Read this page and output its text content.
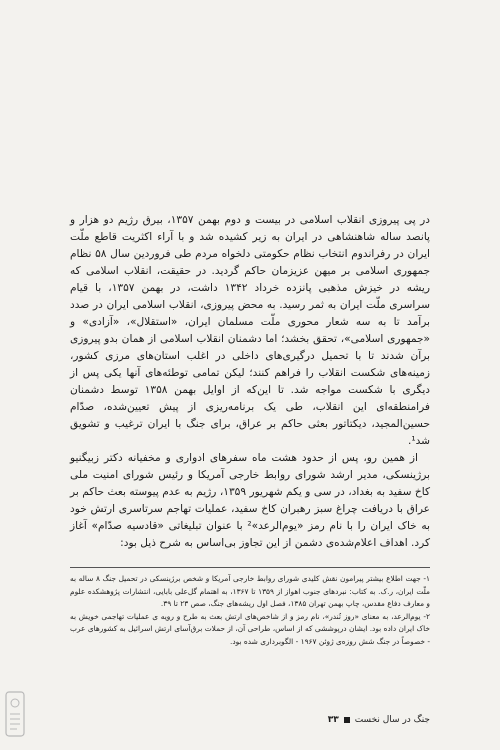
در پی پیروزی انقلاب اسلامی در بیست و دوم بهمن ۱۳۵۷، بیرق رژیم دو هزار و پانصد ساله شاهنشاهی در ایران به زیر کشیده شد و با آراء اکثریت قاطع ملّت ایران در رفراندوم انتخاب نظام حکومتی دلخواه مردم طی فروردین سال ۵۸ نظام جمهوری اسلامی بر میهن عزیزمان حاکم گردید. در حقیقت، انقلاب اسلامی که ریشه در خیزش مذهبی پانزده خرداد ۱۳۴۲ داشت، در بهمن ۱۳۵۷، با قیام سراسری ملّت ایران به ثمر رسید. به محض پیروزی، انقلاب اسلامی ایران در صدد برآمد تا به سه شعار محوری ملّت مسلمان ایران، «استقلال»، «آزادی» و «جمهوری اسلامی»، تحقق بخشد؛ اما دشمنان انقلاب اسلامی از همان بدو پیروزی برآن شدند تا با تحمیل درگیری‌های داخلی در اغلب استان‌های مرزی کشور، زمینه‌های شکست انقلاب را فراهم کنند؛ لیکن تمامی توطئه‌های آنها یکی پس از دیگری با شکست مواجه شد. تا این‌که از اوایل بهمن ۱۳۵۸ توسط دشمنان فرامنطقه‌ای این انقلاب، طی یک برنامه‌ریزی از پیش تعیین‌شده، صدّام حسین‌المجید، دیکتاتور بعثی حاکم بر عراق، برای جنگ با ایران ترغیب و تشویق شد¹.

از همین رو، پس از حدود هشت ماه سفرهای ادواری و مخفیانه دکتر زبیگنیو برژینسکی، مدیر ارشد شورای روابط خارجی آمریکا و رئیس شورای امنیت ملی کاخ سفید به بغداد، در سی و یکم شهریور ۱۳۵۹، رژیم به عدم پیوسته بعث حاکم بر عراق با دریافت چراغ سبز رهبران کاخ سفید، عملیات تهاجم سرتاسری ارتش خود به خاک ایران را با نام رمز «یوم‌الرعد»² با عنوان تبلیغاتی «قادسیه صدّام» آغاز کرد. اهداف اعلام‌شده‌ی دشمن از این تجاوز بی‌اساس به شرح ذیل بود:

۱- جهت اطلاع بیشتر پیرامون نقش کلیدی شورای روابط خارجی آمریکا و شخص برژینسکی در تحمیل جنگ ۸ ساله به ملّت ایران، ر.ک. به کتاب: نبردهای جنوب اهواز از ۱۳۵۹ تا ۱۳۶۷، به اهتمام گل‌علی بابایی، انتشارات پژوهشکده علوم و معارف دفاع مقدس، چاپ بهمن تهران ۱۳۸۵، فصل اول ریشه‌های جنگ، صص ۲۳ تا ۳۹.

۲- یوم‌الرعد، به معنای «روز تُندر»، نام رمز و از شاخص‌های ارتش بعث به طرح و رویه ی عملیات تهاجمی خویش به خاک ایران داده بود. ایشان درپوششی که از اساس، طراحی آن، از حملات برق‌آسای ارتش اسرائیل به کشورهای عرب - خصوصاً در جنگ شش روزه‌ی ژوئن ۱۹۶۷ - الگوبرداری شده بود.

جنگ در سال نخست
۳۳
